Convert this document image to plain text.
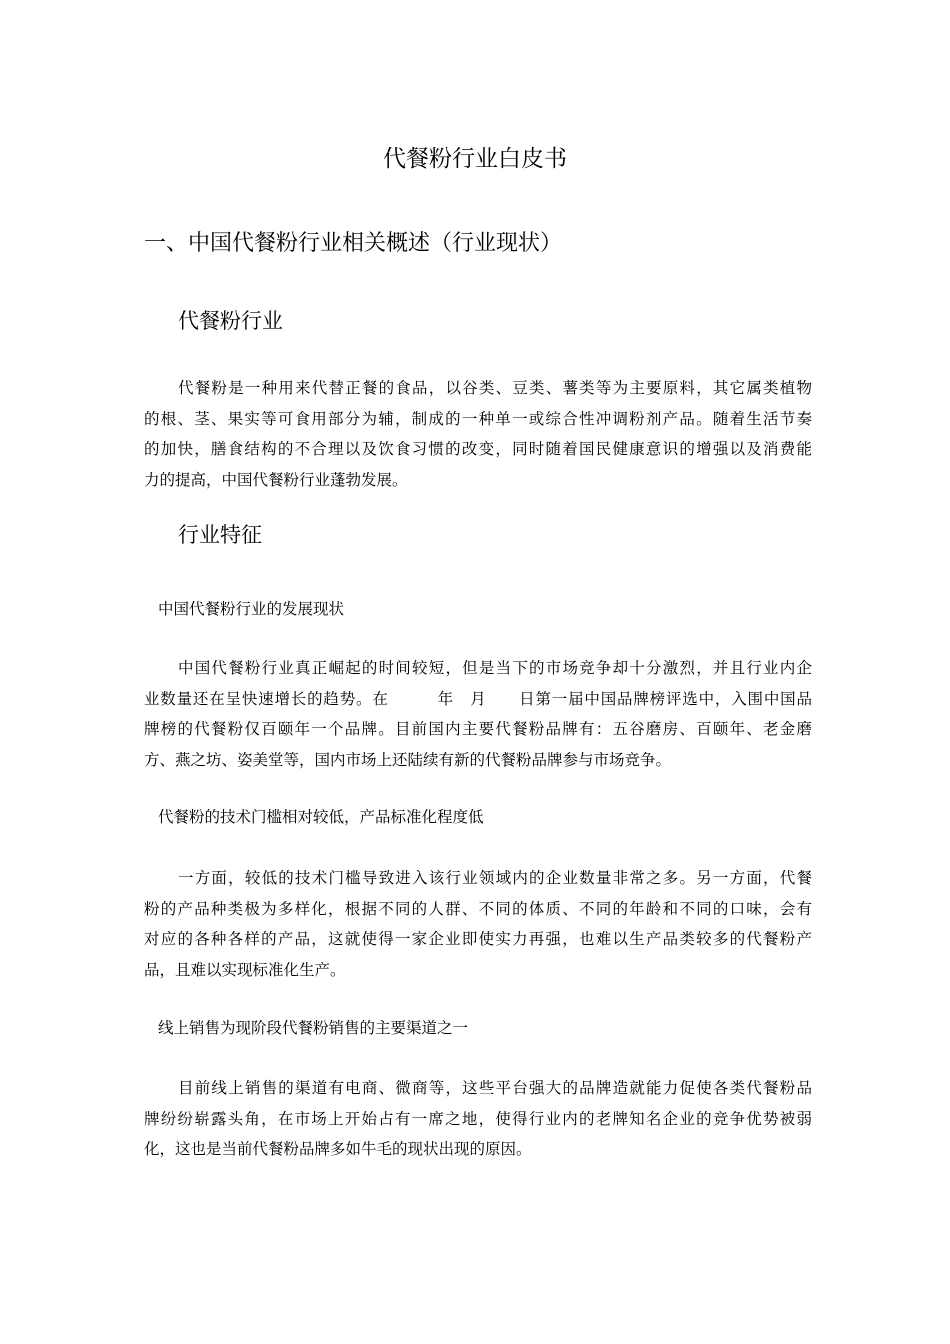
代餐粉行业白皮书
一、中国代餐粉行业相关概述（行业现状）
代餐粉行业

代餐粉是一种用来代替正餐的食品，以谷类、豆类、薯类等为主要原料，其它属类植物
的根、茎、果实等可食用部分为辅，制成的一种单一或综合性冲调粉剂产品。随着生活节奏
的加快，膳食结构的不合理以及饮食习惯的改变，同时随着国民健康意识的增强以及消费能
力的提高，中国代餐粉行业蓬勃发展。

行业特征
中国代餐粉行业的发展现状

中国代餐粉行业真正崛起的时间较短，但是当下的市场竞争却十分激烈，并且行业内企
业数量还在呈快速增长的趋势。在　　　年　月　　日第一届中国品牌榜评选中，入围中国品
牌榜的代餐粉仅百颐年一个品牌。目前国内主要代餐粉品牌有：五谷磨房、百颐年、老金磨
方、燕之坊、姿美堂等，国内市场上还陆续有新的代餐粉品牌参与市场竞争。

代餐粉的技术门槛相对较低，产品标准化程度低

一方面，较低的技术门槛导致进入该行业领域内的企业数量非常之多。另一方面，代餐
粉的产品种类极为多样化，根据不同的人群、不同的体质、不同的年龄和不同的口味，会有
对应的各种各样的产品，这就使得一家企业即使实力再强，也难以生产品类较多的代餐粉产
品，且难以实现标准化生产。

线上销售为现阶段代餐粉销售的主要渠道之一

目前线上销售的渠道有电商、微商等，这些平台强大的品牌造就能力促使各类代餐粉品
牌纷纷崭露头角，在市场上开始占有一席之地，使得行业内的老牌知名企业的竞争优势被弱
化，这也是当前代餐粉品牌多如牛毛的现状出现的原因。
